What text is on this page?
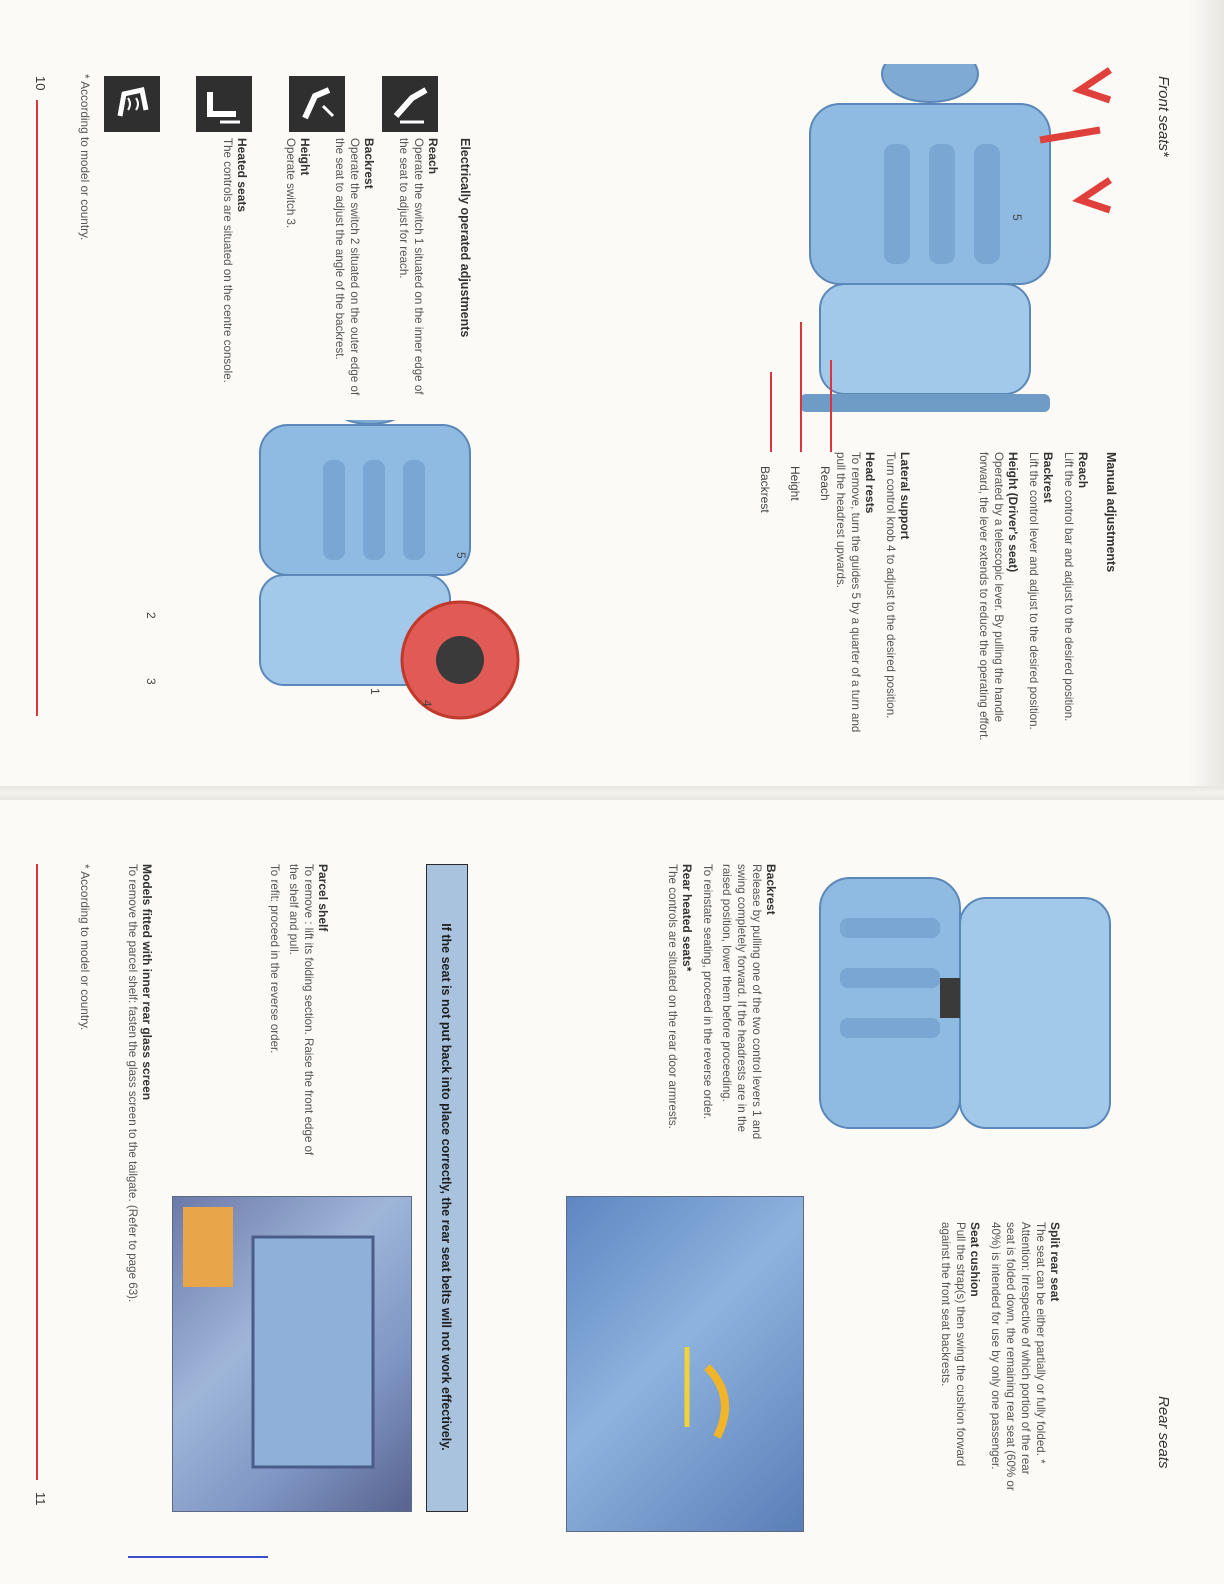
Front seats*
5
Reach
Height
Backrest	Manual adjustments
Reach
Lift the control bar and adjust to the desired position.
Backrest
Lift the control lever and adjust to the desired position.
Height (Driver's seat)
Operated by a telescopic lever. By pulling the handle forward, the lever extends to reduce the operating effort.
Lateral support
Turn control knob 4 to adjust to the desired position.
Head rests
To remove, turn the guides 5 by a quarter of a turn and pull the headrest upwards.
5
1
2
3
4
Electrically operated adjustments
Reach
Operate the switch 1 situated on the inner edge of the seat to adjust for reach.
Backrest
Operate the switch 2 situated on the outer edge of the seat to adjust the angle of the backrest.
Height
Operate switch 3.
Heated seats
The controls are situated on the centre console.
* According to model or country.
10
Rear seats
Split rear seat
The seat can be either partially or fully folded. * Attention: Irrespective of which portion of the rear seat is folded down, the remaining rear seat (60% or 40%) is intended for use by only one passenger.
Seat cushion
Pull the strap(s) then swing the cushion forward against the front seat backrests.
Backrest
Release by pulling one of the two control levers 1 and swing completely forward. If the headrests are in the raised position, lower them before proceeding.
To reinstate seating, proceed in the reverse order.
Rear heated seats*
The controls are situated on the rear door armrests.
If the seat is not put back into place correctly, the rear seat belts will not work effectively.
Parcel shelf
To remove : lift its folding section. Raise the front edge of the shelf and pull.
To refit: proceed in the reverse order.
Models fitted with inner rear glass screen
To remove the parcel shelf: fasten the glass screen to the tailgate. (Refer to page 63).
* According to model or country.
11
